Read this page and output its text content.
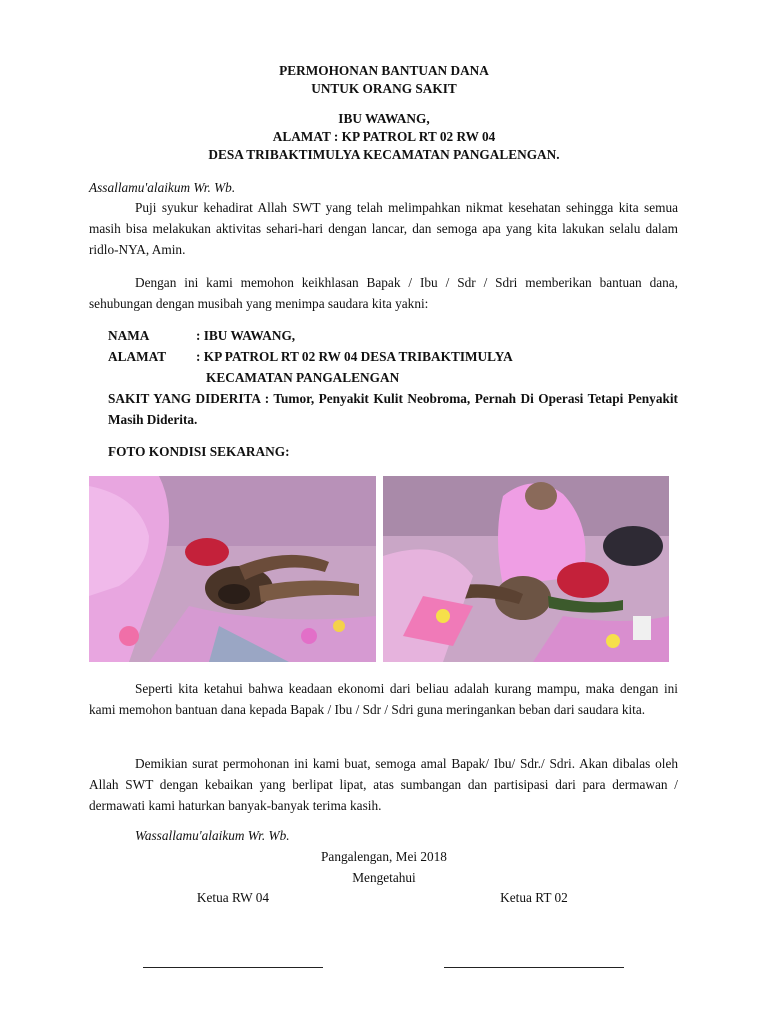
PERMOHONAN BANTUAN DANA
UNTUK ORANG SAKIT
IBU WAWANG,
ALAMAT : KP PATROL RT 02 RW 04
DESA TRIBAKTIMULYA KECAMATAN PANGALENGAN.
Assallamu'alaikum Wr. Wb.
Puji syukur kehadirat Allah SWT yang telah melimpahkan nikmat kesehatan sehingga kita semua masih bisa melakukan aktivitas sehari-hari dengan lancar, dan semoga apa yang kita lakukan selalu dalam ridlo-NYA, Amin.
Dengan ini kami memohon keikhlasan Bapak / Ibu / Sdr / Sdri memberikan bantuan dana, sehubungan dengan musibah yang menimpa saudara kita yakni:
NAMA	: IBU WAWANG,
ALAMAT : KP PATROL RT 02 RW 04 DESA TRIBAKTIMULYA
KECAMATAN PANGALENGAN
SAKIT YANG DIDERITA : Tumor, Penyakit Kulit Neobroma, Pernah Di Operasi Tetapi Penyakit Masih Diderita.
FOTO KONDISI SEKARANG:
Seperti kita ketahui bahwa keadaan ekonomi dari beliau adalah kurang mampu, maka dengan ini kami memohon bantuan dana kepada Bapak / Ibu / Sdr / Sdri guna meringankan beban dari saudara kita.
Demikian surat permohonan ini kami buat, semoga amal Bapak/ Ibu/ Sdr./ Sdri. Akan dibalas oleh Allah SWT dengan kebaikan yang berlipat lipat, atas sumbangan dan partisipasi dari para dermawan / dermawati kami haturkan banyak-banyak terima kasih.
Wassallamu'alaikum Wr. Wb.
Pangalengan, Mei 2018
Mengetahui
Ketua RW 04	Ketua RT 02
